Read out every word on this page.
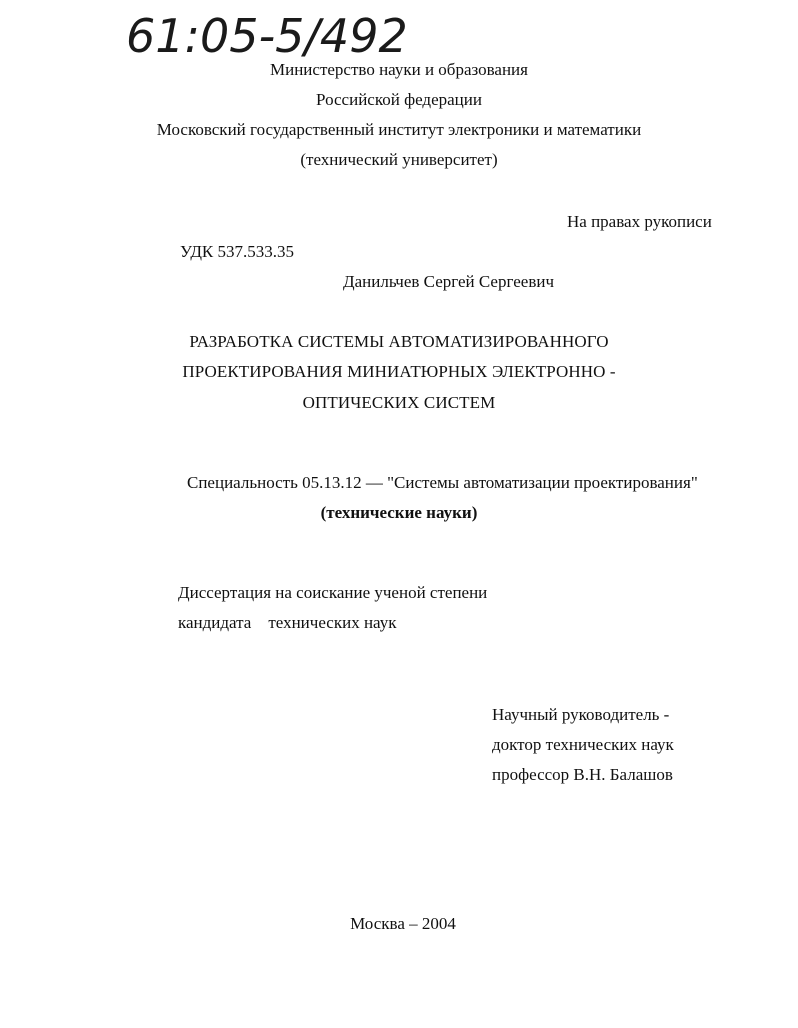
61:05-5/492
Министерство науки и образования
Российской федерации
Московский государственный институт электроники и математики
(технический университет)
На правах рукописи
УДК 537.533.35
Данильчев Сергей Сергеевич
РАЗРАБОТКА СИСТЕМЫ АВТОМАТИЗИРОВАННОГО
ПРОЕКТИРОВАНИЯ МИНИАТЮРНЫХ ЭЛЕКТРОННО -
ОПТИЧЕСКИХ СИСТЕМ
Специальность 05.13.12 — "Системы автоматизации проектирования"
(технические науки)
Диссертация на соискание ученой степени
кандидата    технических наук
Научный руководитель -
доктор технических наук
профессор В.Н. Балашов
Москва – 2004
